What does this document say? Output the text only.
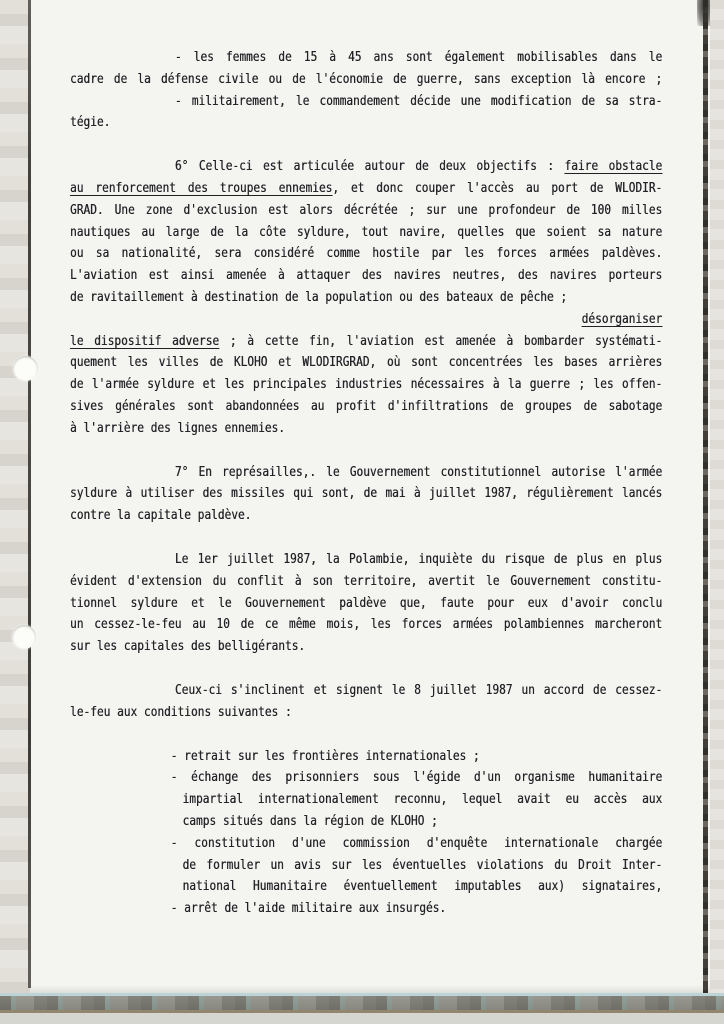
- les femmes de 15 à 45 ans sont également mobilisables dans le
cadre de la défense civile ou de l'économie de guerre, sans exception là encore ;
- militairement, le commandement décide une modification de sa stra-
tégie.
6° Celle-ci est articulée autour de deux objectifs : faire obstacle
au renforcement des troupes ennemies, et donc couper l'accès au port de WLODIR-
GRAD. Une zone d'exclusion est alors décrétée ; sur une profondeur de 100 milles
nautiques au large de la côte syldure, tout navire, quelles que soient sa nature
ou sa nationalité, sera considéré comme hostile par les forces armées paldèves.
L'aviation est ainsi amenée à attaquer des navires neutres, des navires porteurs
de ravitaillement à destination de la population ou des bateaux de pêche ;
désorganiser
le dispositif adverse ; à cette fin, l'aviation est amenée à bombarder systémati-
quement les villes de KLOHO et WLODIRGRAD, où sont concentrées les bases arrières
de l'armée syldure et les principales industries nécessaires à la guerre ; les offen-
sives générales sont abandonnées au profit d'infiltrations de groupes de sabotage
à l'arrière des lignes ennemies.
7° En représailles,. le Gouvernement constitutionnel autorise l'armée
syldure à utiliser des missiles qui sont, de mai à juillet 1987, régulièrement lancés
contre la capitale paldève.
Le 1er juillet 1987, la Polambie, inquiète du risque de plus en plus
évident d'extension du conflit à son territoire, avertit le Gouvernement constitu-
tionnel syldure et le Gouvernement paldève que, faute pour eux d'avoir conclu
un cessez-le-feu au 10 de ce même mois, les forces armées polambiennes marcheront
sur les capitales des belligérants.
Ceux-ci s'inclinent et signent le 8 juillet 1987 un accord de cessez-
le-feu aux conditions suivantes :
- retrait sur les frontières internationales ;
- échange des prisonniers sous l'égide d'un organisme humanitaire
impartial internationalement reconnu, lequel avait eu accès aux
camps situés dans la région de KLOHO ;
- constitution d'une commission d'enquête internationale chargée
de formuler un avis sur les éventuelles violations du Droit Inter-
national Humanitaire éventuellement imputables aux) signataires,
- arrêt de l'aide militaire aux insurgés.
